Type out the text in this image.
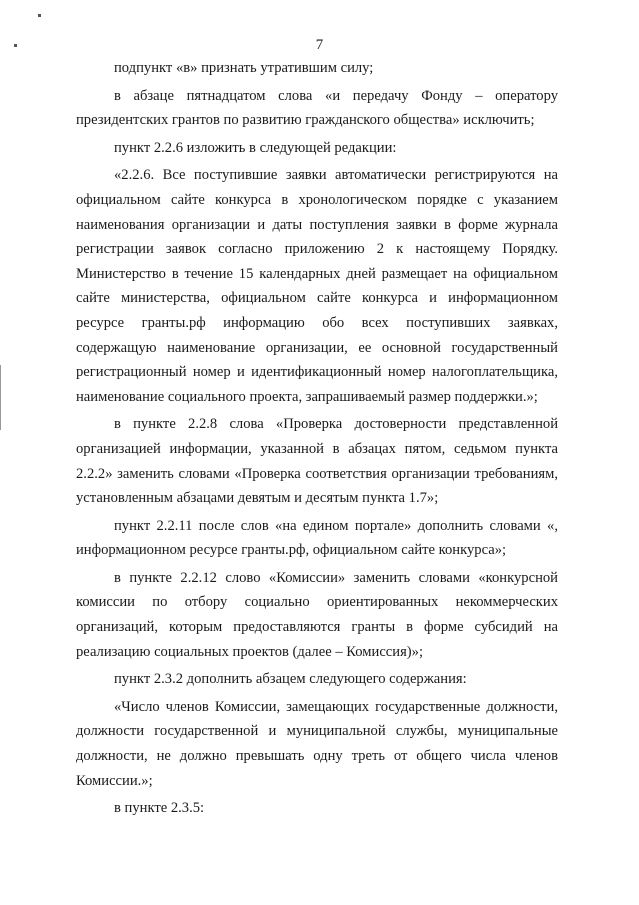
7

подпункт «в» признать утратившим силу;

в абзаце пятнадцатом слова «и передачу Фонду – оператору президентских грантов по развитию гражданского общества» исключить;

пункт 2.2.6 изложить в следующей редакции:

«2.2.6. Все поступившие заявки автоматически регистрируются на официальном сайте конкурса в хронологическом порядке с указанием наименования организации и даты поступления заявки в форме журнала регистрации заявок согласно приложению 2 к настоящему Порядку. Министерство в течение 15 календарных дней размещает на официальном сайте министерства, официальном сайте конкурса и информационном ресурсе гранты.рф информацию обо всех поступивших заявках, содержащую наименование организации, ее основной государственный регистрационный номер и идентификационный номер налогоплательщика, наименование социального проекта, запрашиваемый размер поддержки.»;

в пункте 2.2.8 слова «Проверка достоверности представленной организацией информации, указанной в абзацах пятом, седьмом пункта 2.2.2» заменить словами «Проверка соответствия организации требованиям, установленным абзацами девятым и десятым пункта 1.7»;

пункт 2.2.11 после слов «на едином портале» дополнить словами «, информационном ресурсе гранты.рф, официальном сайте конкурса»;

в пункте 2.2.12 слово «Комиссии» заменить словами «конкурсной комиссии по отбору социально ориентированных некоммерческих организаций, которым предоставляются гранты в форме субсидий на реализацию социальных проектов (далее – Комиссия)»;

пункт 2.3.2 дополнить абзацем следующего содержания:

«Число членов Комиссии, замещающих государственные должности, должности государственной и муниципальной службы, муниципальные должности, не должно превышать одну треть от общего числа членов Комиссии.»;

в пункте 2.3.5:
